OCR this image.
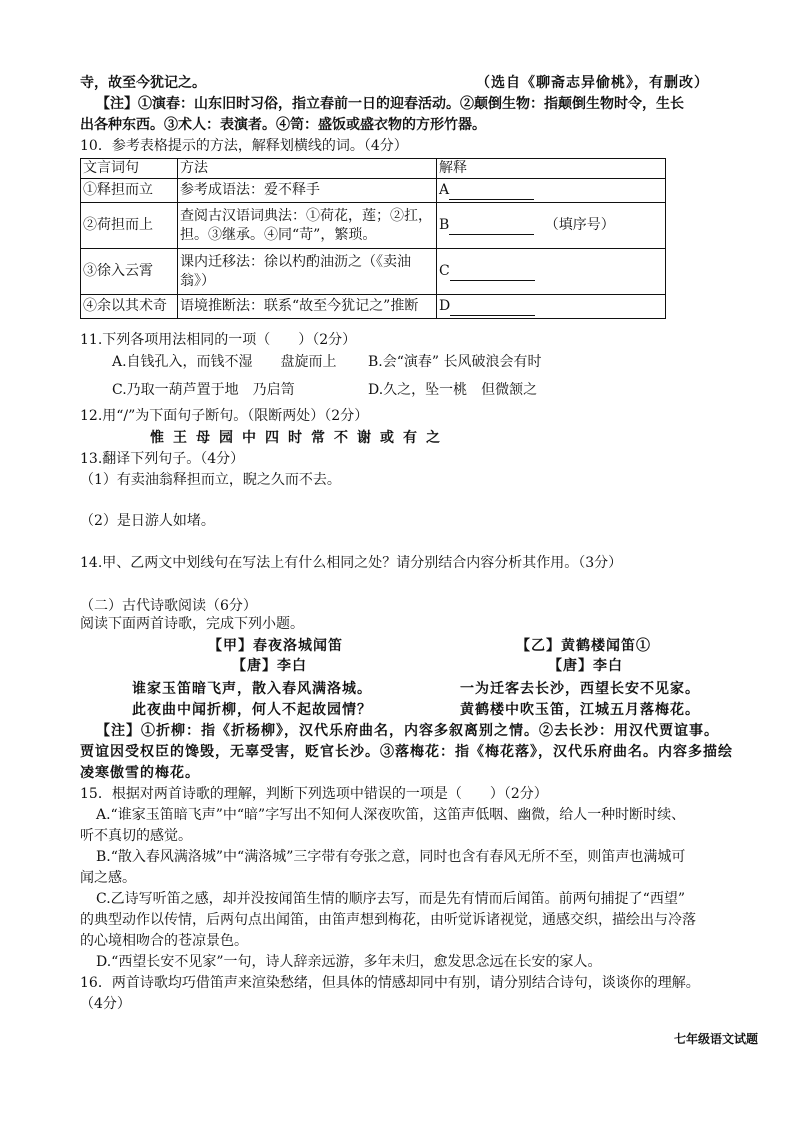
寺，故至今犹记之。	（选自《聊斋志异偷桃》，有删改）
【注】①演春：山东旧时习俗，指立春前一日的迎春活动。②颠倒生物：指颠倒生物时令，生长
出各种东西。③术人：表演者。④笥：盛饭或盛衣物的方形竹器。
10．参考表格提示的方法，解释划横线的词。（4分）
文言词句	方法	解释
①释担而立	参考成语法：爱不释手	A
②荷担而上	查阅古汉语词典法：①荷花，莲；②扛，担。③继承。④同“苛”，繁琐。	B （填序号）
③徐入云霄	课内迁移法：徐以杓酌油沥之（《卖油翁》）	C
④余以其术奇	语境推断法：联系“故至今犹记之”推断	D
11.下列各项用法相同的一项（　　）（2分）
A.自钱孔入，而钱不湿　　盘旋而上 B.会“演春” 长风破浪会有时
C.乃取一葫芦置于地　乃启笥	D.久之，坠一桃　但微颔之
12.用“/”为下面句子断句。（限断两处）（2分）
惟王母园中四时常不谢或有之
13.翻译下列句子。（4分）
（1）有卖油翁释担而立，睨之久而不去。
（2）是日游人如堵。
14.甲、乙两文中划线句在写法上有什么相同之处？请分别结合内容分析其作用。（3分）
（二）古代诗歌阅读（6分）
阅读下面两首诗歌，完成下列小题。
【甲】春夜洛城闻笛
【唐】李白
谁家玉笛暗飞声，散入春风满洛城。
此夜曲中闻折柳，何人不起故园情？
【乙】黄鹤楼闻笛①
【唐】李白
一为迁客去长沙，西望长安不见家。
黄鹤楼中吹玉笛，江城五月落梅花。
【注】①折柳：指《折杨柳》，汉代乐府曲名，内容多叙离别之情。②去长沙：用汉代贾谊事。
贾谊因受权臣的馋毁，无辜受害，贬官长沙。③落梅花：指《梅花落》，汉代乐府曲名。内容多描绘
凌寒傲雪的梅花。
15．根据对两首诗歌的理解，判断下列选项中错误的一项是（　　）（2分）
A.“谁家玉笛暗飞声”中“暗”字写出不知何人深夜吹笛，这笛声低咽、幽微，给人一种时断时续、
听不真切的感觉。
B.“散入春风满洛城”中“满洛城”三字带有夸张之意，同时也含有春风无所不至，则笛声也满城可
闻之感。
C.乙诗写听笛之感，却并没按闻笛生情的顺序去写，而是先有情而后闻笛。前两句捕捉了“西望”
的典型动作以传情，后两句点出闻笛，由笛声想到梅花，由听觉诉诸视觉，通感交织，描绘出与冷落
的心境相吻合的苍凉景色。
D.“西望长安不见家”一句，诗人辞亲远游，多年未归，愈发思念远在长安的家人。
16．两首诗歌均巧借笛声来渲染愁绪，但具体的情感却同中有别，请分别结合诗句，谈谈你的理解。
（4分）
七年级语文试题
